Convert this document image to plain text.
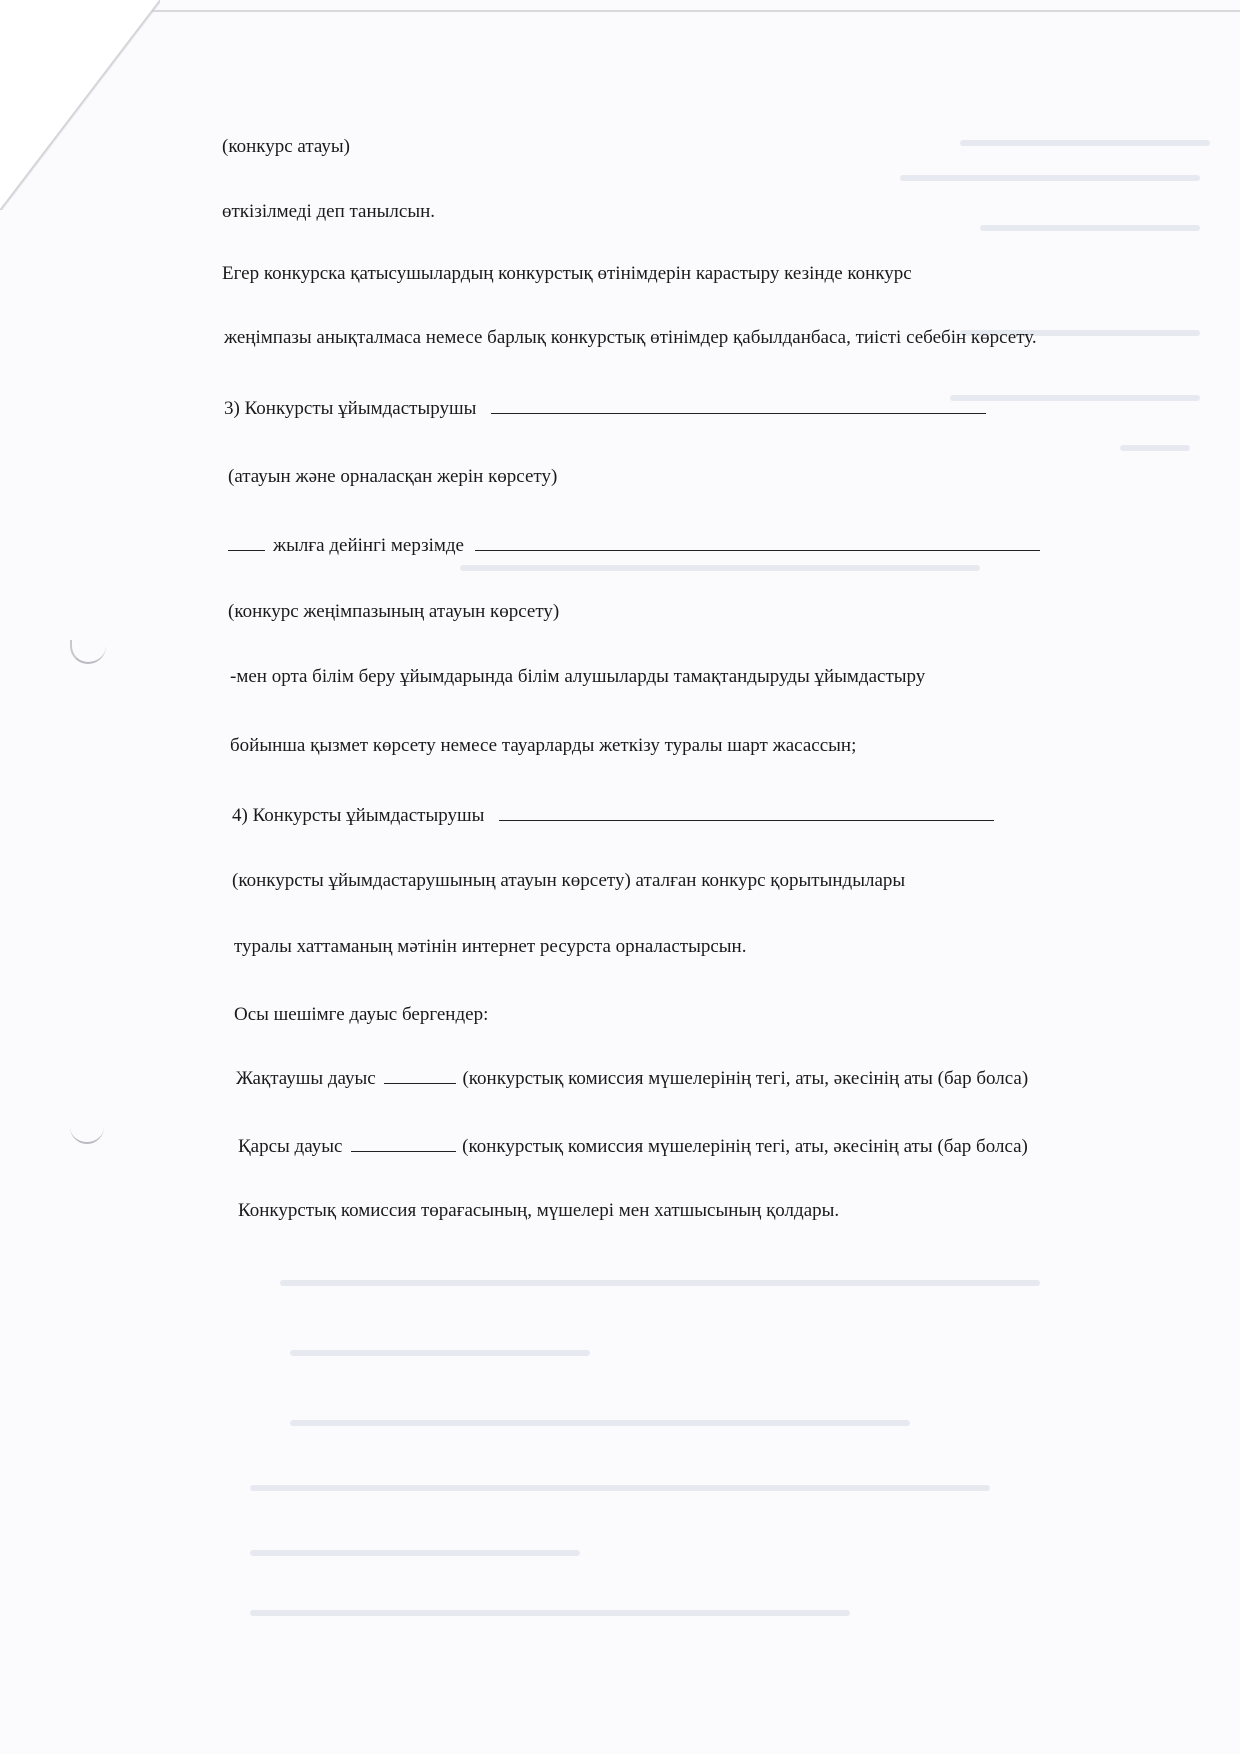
(конкурс атауы)
өткізілмеді деп танылсын.
Егер конкурска қатысушылардың конкурстық өтінімдерін карастыру кезінде конкурс
жеңімпазы анықталмаса немесе барлық конкурстық өтінімдер қабылданбаса, тиісті себебін көрсету.
3) Конкурсты ұйымдастырушы
(атауын және орналасқан жерін көрсету)
жылға дейінгі мерзімде
(конкурс жеңімпазының атауын көрсету)
-мен орта білім беру ұйымдарында білім алушыларды тамақтандыруды ұйымдастыру
бойынша қызмет көрсету немесе тауарларды жеткізу туралы шарт жасассын;
4) Конкурсты ұйымдастырушы
(конкурсты ұйымдастарушының атауын көрсету) аталған конкурс қорытындылары
туралы хаттаманың мәтінін интернет ресурста орналастырсын.
Осы шешімге дауыс бергендер:
Жақтаушы дауыс	(конкурстық комиссия мүшелерінің тегі, аты, әкесінің аты (бар болса)
Қарсы дауыс	(конкурстық комиссия мүшелерінің тегі, аты, әкесінің аты (бар болса)
Конкурстық комиссия төрағасының, мүшелері мен хатшысының қолдары.
